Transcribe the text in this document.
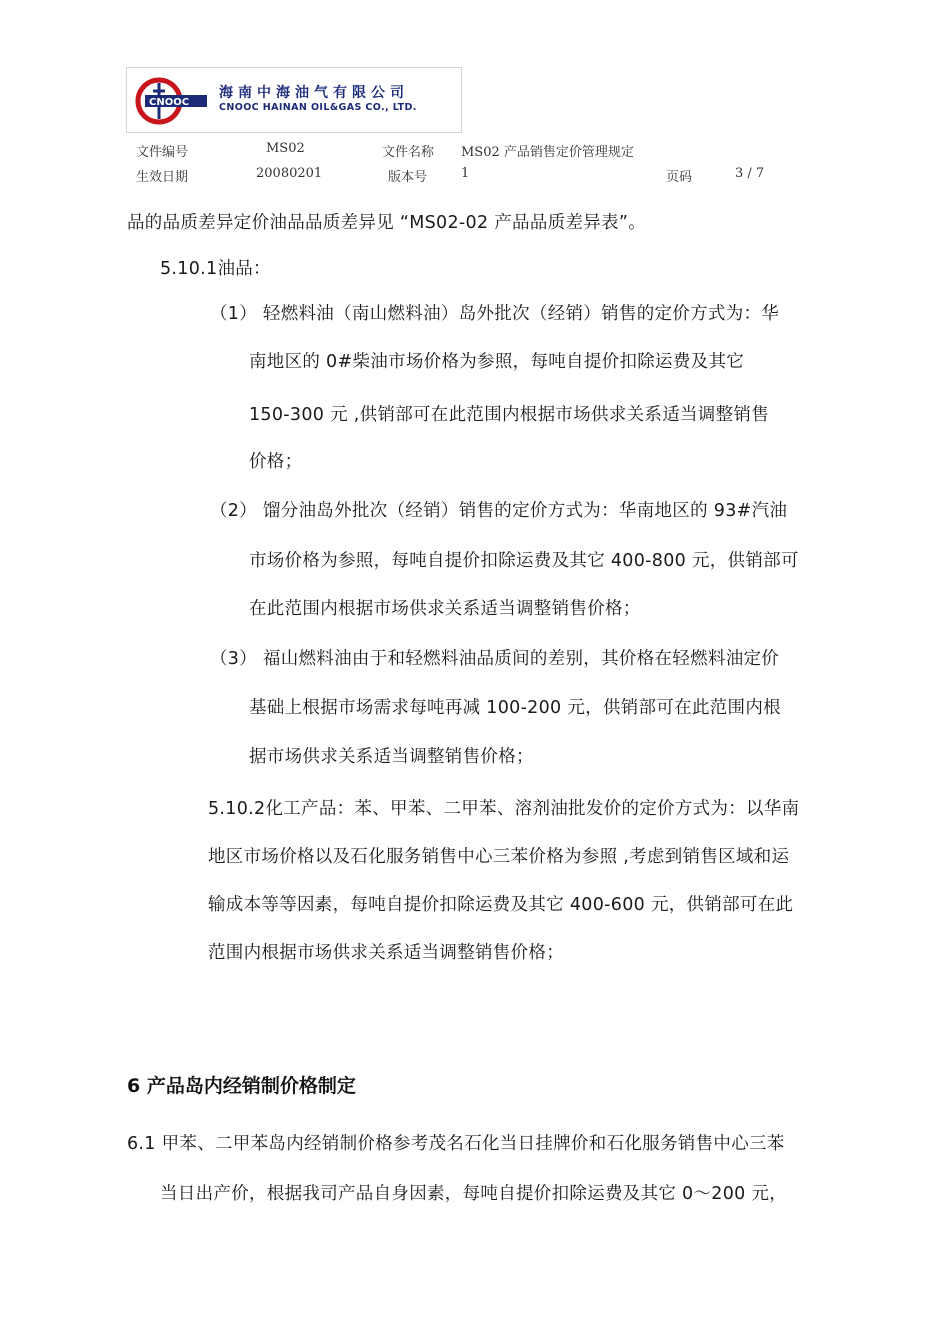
CNOOC
海南中海油气有限公司
CNOOC HAINAN OIL&GAS CO., LTD.
文件编号	MS02	文件名称 MS02 产品销售定价管理规定
生效日期	20080201	版本号	1	页码	3 / 7
品的品质差异定价油品品质差异见 “MS02-02 产品品质差异表”。
5.10.1油品：
（1） 轻燃料油（南山燃料油）岛外批次（经销）销售的定价方式为：华
南地区的 0#柴油市场价格为参照，每吨自提价扣除运费及其它
150-300 元 ,供销部可在此范围内根据市场供求关系适当调整销售
价格；
（2） 馏分油岛外批次（经销）销售的定价方式为：华南地区的 93#汽油
市场价格为参照，每吨自提价扣除运费及其它 400-800 元，供销部可
在此范围内根据市场供求关系适当调整销售价格；
（3） 福山燃料油由于和轻燃料油品质间的差别，其价格在轻燃料油定价
基础上根据市场需求每吨再减 100-200 元，供销部可在此范围内根
据市场供求关系适当调整销售价格；
5.10.2化工产品：苯、甲苯、二甲苯、溶剂油批发价的定价方式为：以华南
地区市场价格以及石化服务销售中心三苯价格为参照 ,考虑到销售区域和运
输成本等等因素，每吨自提价扣除运费及其它 400-600 元，供销部可在此
范围内根据市场供求关系适当调整销售价格；
6 产品岛内经销制价格制定
6.1 甲苯、二甲苯岛内经销制价格参考茂名石化当日挂牌价和石化服务销售中心三苯
当日出产价，根据我司产品自身因素，每吨自提价扣除运费及其它 0～200 元，
